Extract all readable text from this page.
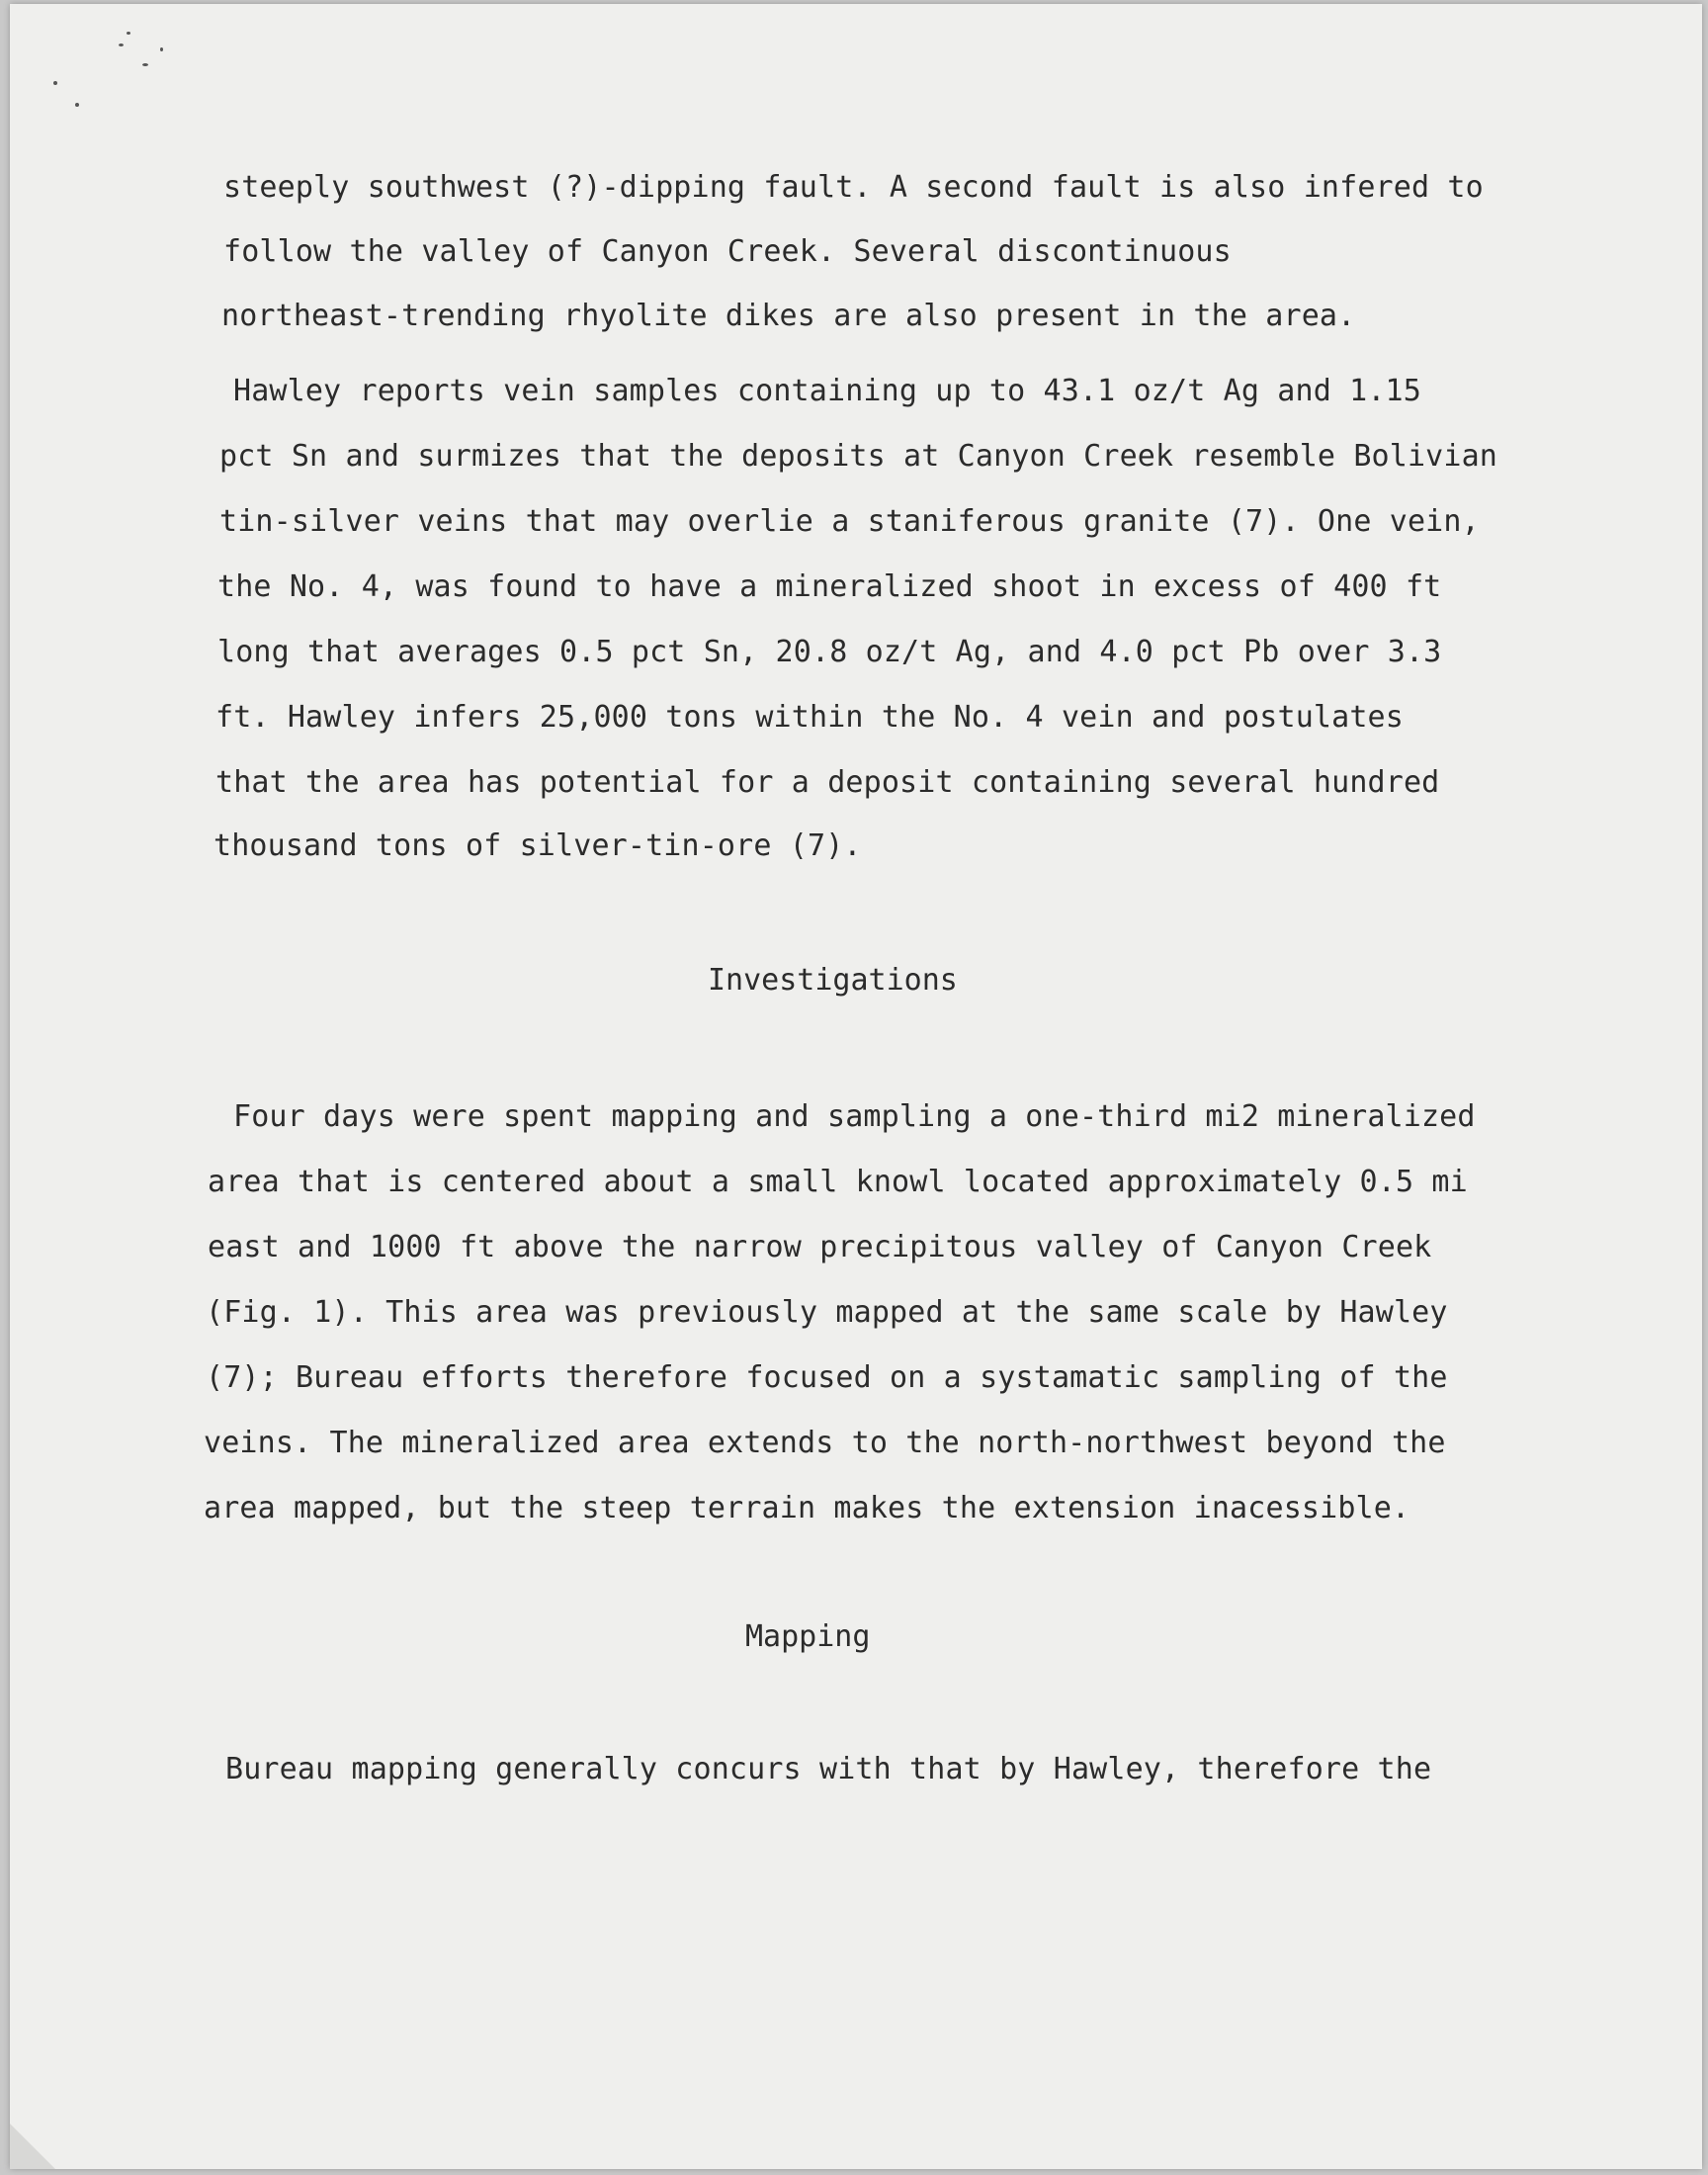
steeply southwest (?)-dipping fault. A second fault is also infered to
follow the valley of Canyon Creek. Several discontinuous
northeast-trending rhyolite dikes are also present in the area.
Hawley reports vein samples containing up to 43.1 oz/t Ag and 1.15
pct Sn and surmizes that the deposits at Canyon Creek resemble Bolivian
tin-silver veins that may overlie a staniferous granite (7). One vein,
the No. 4, was found to have a mineralized shoot in excess of 400 ft
long that averages 0.5 pct Sn, 20.8 oz/t Ag, and 4.0 pct Pb over 3.3
ft. Hawley infers 25,000 tons within the No. 4 vein and postulates
that the area has potential for a deposit containing several hundred
thousand tons of silver-tin-ore (7).
Investigations
Four days were spent mapping and sampling a one-third mi2 mineralized
area that is centered about a small knowl located approximately 0.5 mi
east and 1000 ft above the narrow precipitous valley of Canyon Creek
(Fig. 1). This area was previously mapped at the same scale by Hawley
(7); Bureau efforts therefore focused on a systamatic sampling of the
veins. The mineralized area extends to the north-northwest beyond the
area mapped, but the steep terrain makes the extension inacessible.
Mapping
Bureau mapping generally concurs with that by Hawley, therefore the
